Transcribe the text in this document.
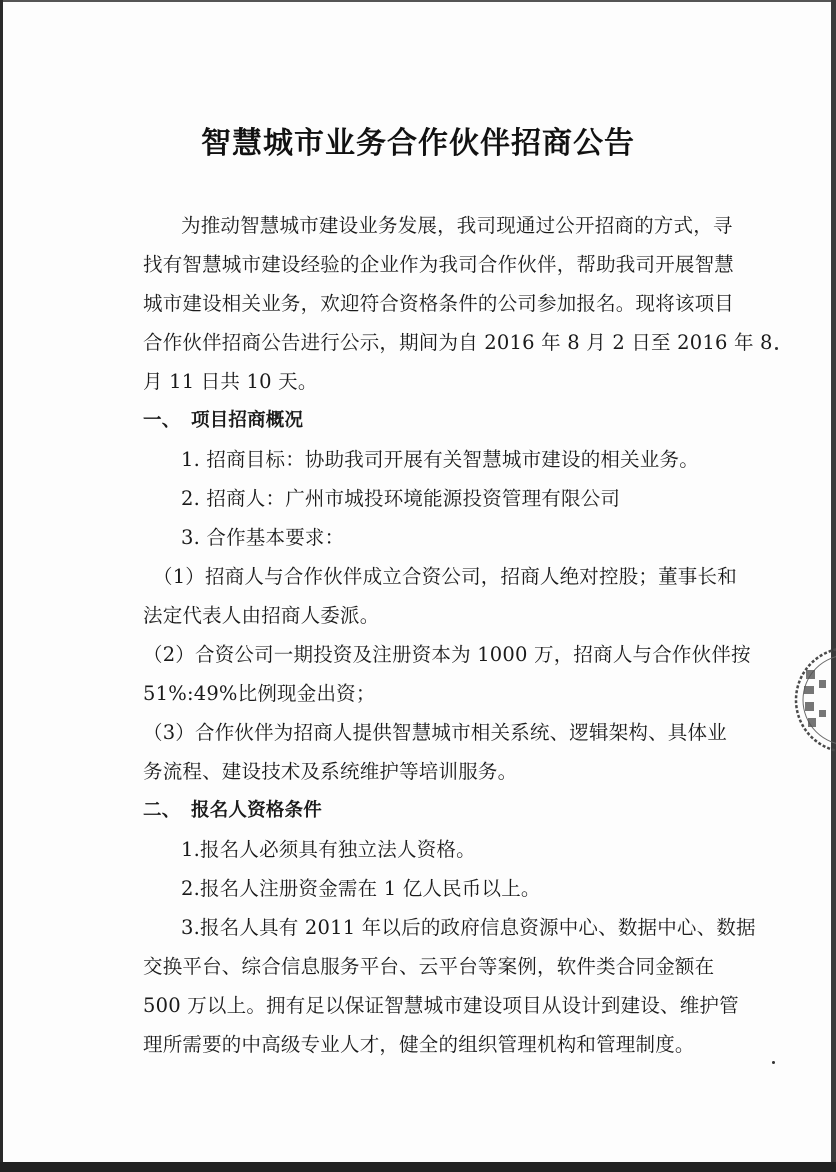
智慧城市业务合作伙伴招商公告
为推动智慧城市建设业务发展，我司现通过公开招商的方式，寻
找有智慧城市建设经验的企业作为我司合作伙伴，帮助我司开展智慧
城市建设相关业务，欢迎符合资格条件的公司参加报名。现将该项目
合作伙伴招商公告进行公示，期间为自 2016 年 8 月 2 日至 2016 年 8
月 11 日共 10 天。
一、 项目招商概况
1. 招商目标：协助我司开展有关智慧城市建设的相关业务。
2. 招商人：广州市城投环境能源投资管理有限公司
3. 合作基本要求：
（1）招商人与合作伙伴成立合资公司，招商人绝对控股；董事长和
法定代表人由招商人委派。
（2）合资公司一期投资及注册资本为 1000 万，招商人与合作伙伴按
51%:49%比例现金出资；
（3）合作伙伴为招商人提供智慧城市相关系统、逻辑架构、具体业
务流程、建设技术及系统维护等培训服务。
二、 报名人资格条件
1.报名人必须具有独立法人资格。
2.报名人注册资金需在 1 亿人民币以上。
3.报名人具有 2011 年以后的政府信息资源中心、数据中心、数据
交换平台、综合信息服务平台、云平台等案例，软件类合同金额在
500 万以上。拥有足以保证智慧城市建设项目从设计到建设、维护管
理所需要的中高级专业人才，健全的组织管理机构和管理制度。
